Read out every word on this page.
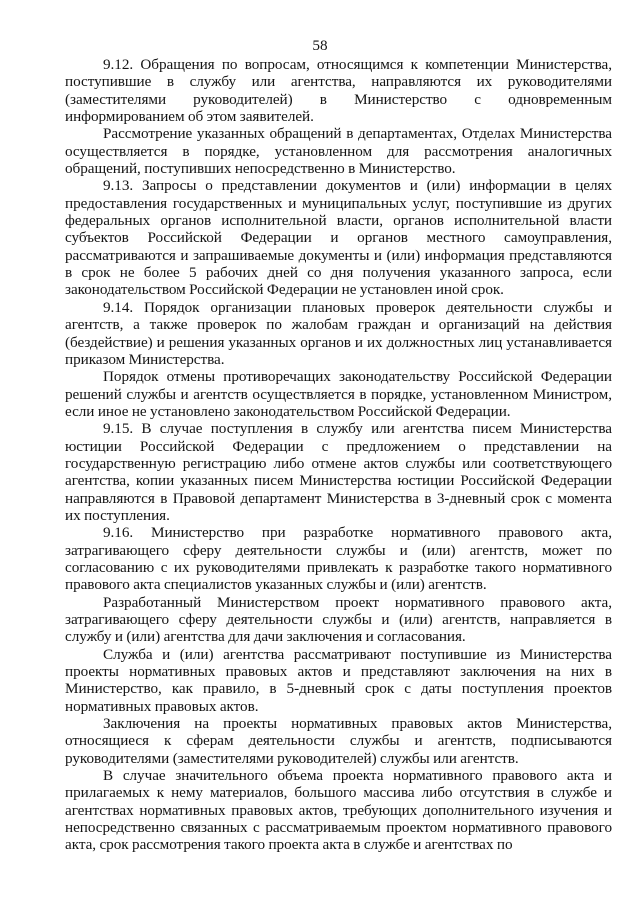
58

9.12. Обращения по вопросам, относящимся к компетенции Министерства, поступившие в службу или агентства, направляются их руководителями (заместителями руководителей) в Министерство с одновременным информированием об этом заявителей.

Рассмотрение указанных обращений в департаментах, Отделах Министерства осуществляется в порядке, установленном для рассмотрения аналогичных обращений, поступивших непосредственно в Министерство.

9.13. Запросы о представлении документов и (или) информации в целях предоставления государственных и муниципальных услуг, поступившие из других федеральных органов исполнительной власти, органов исполнительной власти субъектов Российской Федерации и органов местного самоуправления, рассматриваются и запрашиваемые документы и (или) информация представляются в срок не более 5 рабочих дней со дня получения указанного запроса, если законодательством Российской Федерации не установлен иной срок.

9.14. Порядок организации плановых проверок деятельности службы и агентств, а также проверок по жалобам граждан и организаций на действия (бездействие) и решения указанных органов и их должностных лиц устанавливается приказом Министерства.

Порядок отмены противоречащих законодательству Российской Федерации решений службы и агентств осуществляется в порядке, установленном Министром, если иное не установлено законодательством Российской Федерации.

9.15. В случае поступления в службу или агентства писем Министерства юстиции Российской Федерации с предложением о представлении на государственную регистрацию либо отмене актов службы или соответствующего агентства, копии указанных писем Министерства юстиции Российской Федерации направляются в Правовой департамент Министерства в 3-дневный срок с момента их поступления.

9.16. Министерство при разработке нормативного правового акта, затрагивающего сферу деятельности службы и (или) агентств, может по согласованию с их руководителями привлекать к разработке такого нормативного правового акта специалистов указанных службы и (или) агентств.

Разработанный Министерством проект нормативного правового акта, затрагивающего сферу деятельности службы и (или) агентств, направляется в службу и (или) агентства для дачи заключения и согласования.

Служба и (или) агентства рассматривают поступившие из Министерства проекты нормативных правовых актов и представляют заключения на них в Министерство, как правило, в 5-дневный срок с даты поступления проектов нормативных правовых актов.

Заключения на проекты нормативных правовых актов Министерства, относящиеся к сферам деятельности службы и агентств, подписываются руководителями (заместителями руководителей) службы или агентств.

В случае значительного объема проекта нормативного правового акта и прилагаемых к нему материалов, большого массива либо отсутствия в службе и агентствах нормативных правовых актов, требующих дополнительного изучения и непосредственно связанных с рассматриваемым проектом нормативного правового акта, срок рассмотрения такого проекта акта в службе и агентствах по
